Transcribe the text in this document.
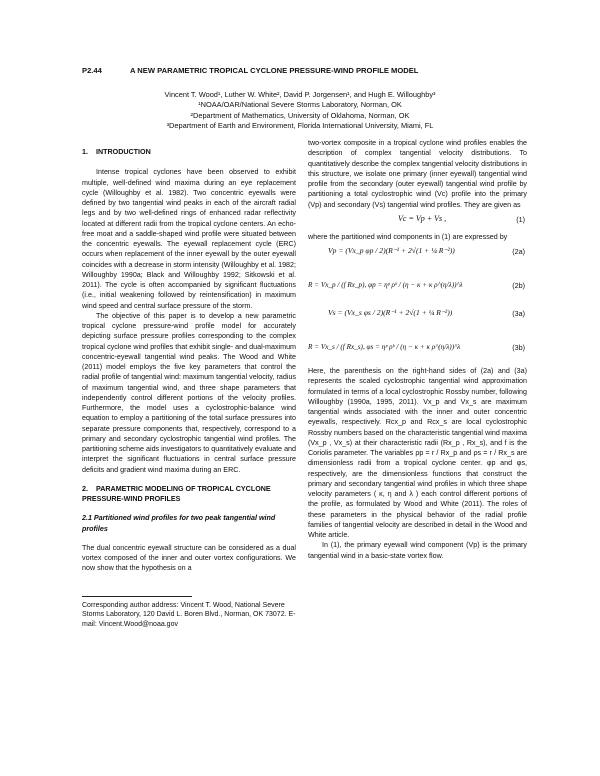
P2.44	A NEW PARAMETRIC TROPICAL CYCLONE PRESSURE-WIND PROFILE MODEL
Vincent T. Wood¹, Luther W. White², David P. Jorgensen¹, and Hugh E. Willoughby³
¹NOAA/OAR/National Severe Storms Laboratory, Norman, OK
²Department of Mathematics, University of Oklahoma, Norman, OK
³Department of Earth and Environment, Florida International University, Miami, FL
1. INTRODUCTION

Intense tropical cyclones have been observed to exhibit multiple, well-defined wind maxima during an eye replacement cycle (Willoughby et al. 1982). Two concentric eyewalls were defined by two tangential wind peaks in each of the aircraft radial legs and by two well-defined rings of enhanced radar reflectivity located at different radii from the tropical cyclone centers. An echo-free moat and a saddle-shaped wind profile were situated between the concentric eyewalls. The eyewall replacement cycle (ERC) occurs when replacement of the inner eyewall by the outer eyewall coincides with a decrease in storm intensity (Willoughby et al. 1982; Willoughby 1990a; Black and Willoughby 1992; Sitkowski et al. 2011). The cycle is often accompanied by significant fluctuations (i.e., initial weakening followed by reintensification) in maximum wind speed and central surface pressure of the storm.

The objective of this paper is to develop a new parametric tropical cyclone pressure-wind profile model for accurately depicting surface pressure profiles corresponding to the complex tropical cyclone wind profiles that exhibit single- and dual-maximum concentric-eyewall tangential wind peaks. The Wood and White (2011) model employs the five key parameters that control the radial profile of tangential wind: maximum tangential velocity, radius of maximum tangential wind, and three shape parameters that independently control different portions of the velocity profiles. Furthermore, the model uses a cyclostrophic-balance wind equation to employ a partitioning of the total surface pressures into separate pressure components that, respectively, correspond to a primary and secondary cyclostrophic tangential wind profiles. The partitioning scheme aids investigators to quantitatively evaluate and interpret the significant fluctuations in central surface pressure deficits and gradient wind maxima during an ERC.

2. PARAMETRIC MODELING OF TROPICAL CYCLONE PRESSURE-WIND PROFILES
2.1 Partitioned wind profiles for two peak tangential wind profiles

The dual concentric eyewall structure can be considered as a dual vortex composed of the inner and outer vortex configurations. We now show that the hypothesis on a

Corresponding author address: Vincent T. Wood, National Severe Storms Laboratory, 120 David L. Boren Blvd., Norman, OK 73072. E-mail: Vincent.Wood@noaa.gov

two-vortex composite in a tropical cyclone wind profiles enables the description of complex tangential velocity distributions. To quantitatively describe the complex tangential velocity distributions in this structure, we isolate one primary (inner eyewall) tangential wind profile from the secondary (outer eyewall) tangential wind profile by partitioning a total cyclostrophic wind (Vc) profile into the primary (Vp) and secondary (Vs) tangential wind profiles. They are given as

Vc = Vp + Vs ,	(1)

where the partitioned wind components in (1) are expressed by

Vp = (Vx_p φp / 2)(R⁻¹ + 2√(1 + ¼ R⁻²))	(2a)
R = Vx_p / (f Rx_p), φp = ηᵖ ρᵏ / (η − κ + κ ρ^(η/λ))^λ	(2b)
Vs = (Vx_s φs / 2)(R⁻¹ + 2√(1 + ¼ R⁻²))	(3a)
R = Vx_s / (f Rx_s), φs = ηᵖ ρᵏ / (η − κ + κ ρ^(η/λ))^λ	(3b)

Here, the parenthesis on the right-hand sides of (2a) and (3a) represents the scaled cyclostrophic tangential wind approximation formulated in terms of a local cyclostrophic Rossby number, following Willoughby (1990a, 1995, 2011). Vx_p and Vx_s are maximum tangential winds associated with the inner and outer concentric eyewalls, respectively. Rcx_p and Rcx_s are local cyclostrophic Rossby numbers based on the characteristic tangential wind maxima (Vx_p , Vx_s) at their characteristic radii (Rx_p , Rx_s), and f is the Coriolis parameter. The variables ρp = r / Rx_p and ρs = r / Rx_s are dimensionless radii from a tropical cyclone center. φp and φs, respectively, are the dimensionless functions that construct the primary and secondary tangential wind profiles in which three shape velocity parameters ( κ, η and λ ) each control different portions of the profile, as formulated by Wood and White (2011). The roles of these parameters in the physical behavior of the radial profile families of tangential velocity are described in detail in the Wood and White article.

In (1), the primary eyewall wind component (Vp) is the primary tangential wind in a basic-state vortex flow.
